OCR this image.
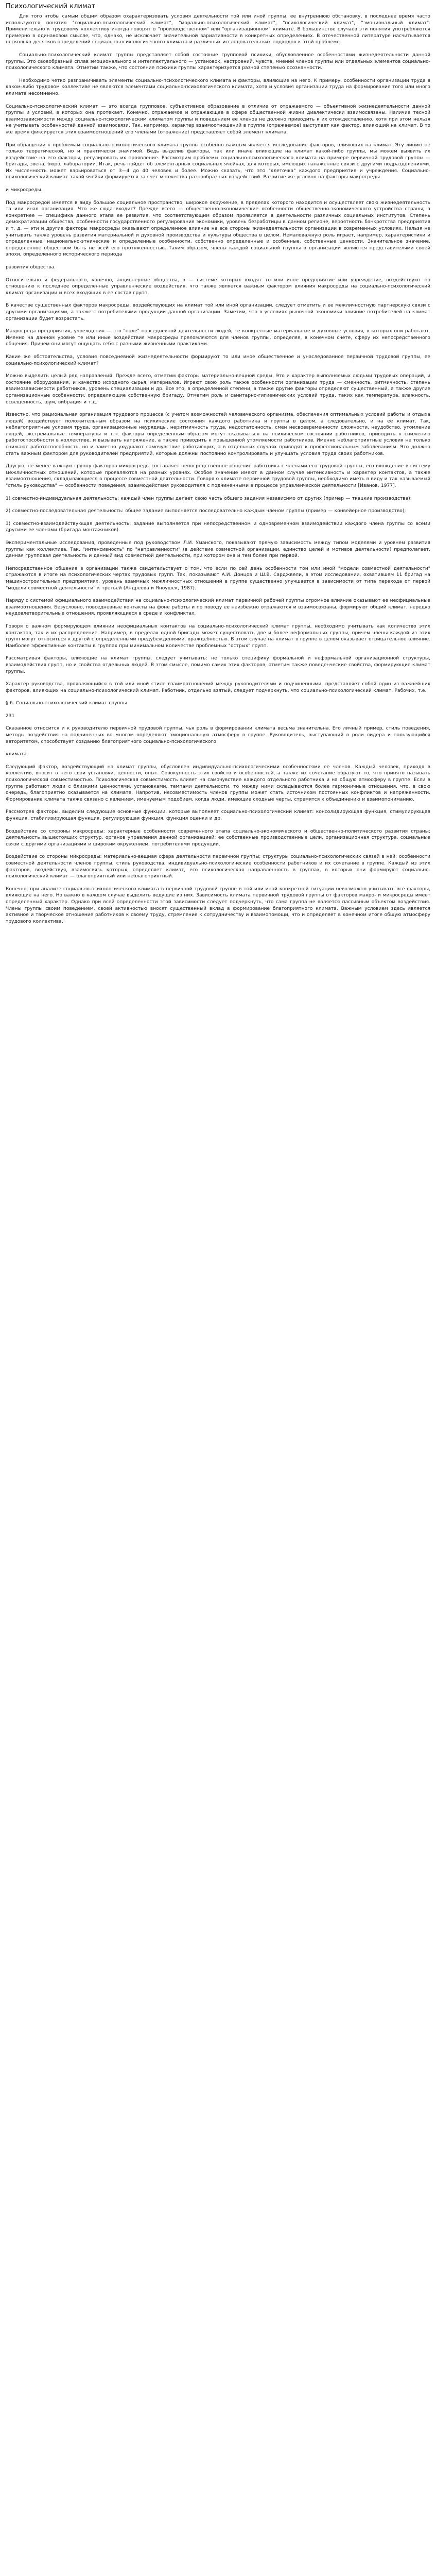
Психологический климат

Для того чтобы самым общим образом охарактеризовать условия деятельности той или иной группы, ее внутреннюю обстановку, в последнее время часто используются понятия "социально-психологический климат", "морально-психологический климат", "психологический климат", "эмоциональный климат". Применительно к трудовому коллективу иногда говорят о "производственном" или "организационном" климате. В большинстве случаев эти понятия употребляются примерно в одинаковом смысле, что, однако, не исключает значительной вариативности в конкретных определениях. В отечественной литературе насчитывается несколько десятков определений социально-психологического климата и различных исследовательских подходов к этой проблеме.

Социально-психологический климат группы представляет собой состояние групповой психики, обусловленное особенностями жизнедеятельности данной группы. Это своеобразный сплав эмоционального и интеллектуального — установок, настроений, чувств, мнений членов группы или отдельных элементов социально-психологического климата. Отметим также, что состояние психики группы характеризуется разной степенью осознанности.

Необходимо четко разграничивать элементы социально-психологического климата и факторы, влияющие на него. К примеру, особенности организации труда в каком-либо трудовом коллективе не являются элементами социально-психологического климата, хотя и условия организации труда на формирование того или иного климата несомненно.

Социально-психологический климат — это всегда групповое, субъективное образование в отличие от отражаемого — объективной жизнедеятельности данной группы и условий, в которых она протекает. Конечно, отражаемое и отражающее в сфере общественной жизни диалектически взаимосвязаны. Наличие тесной взаимозависимости между социально-психологическим климатом группы и поведением ее членов не должно приводить к их отождествлению, хотя при этом нельзя не учитывать особенностей данной взаимосвязи. Так, например, характер взаимоотношений в группе (отражаемое) выступает как фактор, влияющий на климат. В то же время фиксируется этих взаимоотношений его членами (отражение) представляет собой элемент климата.

При обращении к проблемам социально-психологического климата группы особенно важным является исследование факторов, влияющих на климат. Эту линию не только теоретической, но и практически значимой. Ведь выделив факторы, так или иначе влияющие на климат какой-либо группы, мы можем выявить их воздействие на его факторы, регулировать их проявление. Рассмотрим проблемы социально-психологического климата на примере первичной трудовой группы — бригады, звена, бюро, лаборатории. Итак, речь пойдет об элементарных социальных ячейках, для которых, имеющих налаженные связи с другими подразделениями. Их численность может варьироваться от 3—4 до 40 человек и более. Можно сказать, что это "клеточка" каждого предприятия и учреждения. Социально-психологический климат такой ячейки формируется за счет множества разнообразных воздействий. Развитие же условно на факторы макросреды

и микросреды.

Под макросредой имеется в виду большое социальное пространство, широкое окружение, в пределах которого находится и осуществляет свою жизнедеятельность та или иная организация. Что же сюда входит? Прежде всего — общественно-экономические особенности общественно-экономического устройства страны, а конкретнее — специфика данного этапа ее развития, что соответствующим образом проявляется в деятельности различных социальных институтов. Степень демократизации общества, особенности государственного регулирования экономики, уровень безработицы в данном регионе, вероятность банкротства предприятия и т. д. — эти и другие факторы макросреды оказывают определенное влияние на все стороны жизнедеятельности организации в современных условиях. Нельзя не учитывать также уровень развития материальной и духовной производства и культуры общества в целом. Немаловажную роль играет, например, характеристики и определенные, национально-этнические и определенные особенности, собственно определенные и особенные, собственные ценности. Значительное значение, определенное обществом быть не всей его протяженностью. Таким образом, члены каждой социальной группы в организации являются представителями своей эпохи, определенного исторического периода

развития общества.

Относительно и федерального, конечно, акционерные общества, в — системе которых входят то или иное предприятие или учреждение, воздействуют по отношению к последнее определенные управленческие воздействия, что также является важным фактором влияния макросреды на социально-психологический климат организации и всех входящих в ее состав групп.

В качестве существенных факторов макросреды, воздействующих на климат той или иной организации, следует отметить и ее межличностную партнерскую связи с другими организациями, а также с потребителями продукции данной организации. Заметим, что в условиях рыночной экономики влияние потребителей на климат организации будет возрастать.

Макросреда предприятия, учреждения — это "поле" повседневной деятельности людей, те конкретные материальные и духовные условия, в которых они работают. Именно на данном уровне те или иные воздействия макросреды преломляются для членов группы, определяя, в конечном счете, сферу их непосредственного общения. Причем они могут ощущать себя с разными жизненными практиками.

Какие же обстоятельства, условия повседневной жизнедеятельности формируют то или иное общественное и унаследованное первичной трудовой группы, ее социально-психологический климат?

Можно выделить целый ряд направлений. Прежде всего, отметим факторы материально-вещной среды. Это и характер выполняемых людьми трудовых операций, и состояние оборудования, и качество исходного сырья, материалов. Играют свою роль также особенности организации труда — сменность, ритмичность, степень взаимозависимости работников, уровень специализации и др. Все это, в определенной степени, а также другие факторы определяют существенный, а также другие организационные особенности, определяющие собственную бригаду. Отметим роль и санитарно-гигиенических условий труда, таких как температура, влажность, освещенность, шум, вибрация и т.д.

Известно, что рациональная организация трудового процесса (с учетом возможностей человеческого организма, обеспечения оптимальных условий работы и отдыха людей) воздействует положительным образом на психические состояния каждого работника и группы в целом, а следовательно, и на ее климат. Так, неблагоприятные условия труда, организационные неурядицы, неритмичность труда, недостаточность, смен несвоевременности сложности, неудобство, утомление людей, экстремальные температуры и т.п. факторы определенным образом могут сказываться на психическом состоянии работников, приводить к снижению работоспособности в коллективе, и вызывать напряжение, а также приводить к повышенной утомляемости работников. Именно неблагоприятные условия не только снижают работоспособность, но и заметно ухудшают самочувствие работающих, а в отдельных случаях приводят к профессиональным заболеваниям. Это должно стать важным фактором для руководителей предприятий, которые должны постоянно контролировать и улучшать условия труда своих работников.

Другую, не менее важную группу факторов микросреды составляет непосредственное общение работника с членами его трудовой группы, его вхождение в систему межличностных отношений, которые проявляются на разных уровнях. Особое значение имеют в данном случае интенсивность и характер контактов, а также взаимоотношения, складывающиеся в процессе совместной деятельности. Говоря о климате первичной трудовой группы, необходимо иметь в виду и так называемый "стиль руководства" — особенности поведения, взаимодействия руководителя с подчиненными в процессе управленческой деятельности [Иванов, 1977].

1) совместно-индивидуальная деятельность: каждый член группы делает свою часть общего задания независимо от других (пример — ткацкие производства);

2) совместно-последовательная деятельность: общее задание выполняется последовательно каждым членом группы (пример — конвейерное производство);

3) совместно-взаимодействующая деятельность: задание выполняется при непосредственном и одновременном взаимодействии каждого члена группы со всеми другими ее членами (бригада монтажников).

Экспериментальные исследования, проведенные под руководством Л.И. Уманского, показывают прямую зависимость между типом моделями и уровнем развития группы как коллектива. Так, "интенсивность" по "направленности" (в действие совместной организации, единство целей и мотивов деятельности) предполагает, данная групповая деятельность и данный вид совместной деятельности, при котором она и тем более при первой.

Непосредственное общение в организации также свидетельствует о том, что если по сей день особенности той или иной "модели совместной деятельности" отражаются в итоге на психологических чертах трудовых групп. Так, показывают А.И. Донцов и Ш.В. Сарджвели, в этом исследовании, охватившем 11 бригад на машиностроительных предприятиях, уровень взаимных межличностных отношений в группе существенно улучшается в зависимости от типа перехода от первой "модели совместной деятельности" к третьей (Андреева и Яноушек, 1987).

Наряду с системой официального взаимодействия на социально-психологический климат первичной рабочей группы огромное влияние оказывают ее неофициальные взаимоотношения. Безусловно, повседневные контакты на фоне работы и по поводу ее неизбежно отражаются и взаимосвязаны, формируют общий климат, нередко неудовлетворительные отношения, проявляющиеся в среде и конфликтах.

Говоря о важном формирующем влиянии неофициальных контактов на социально-психологический климат группы, необходимо учитывать как количество этих контактов, так и их распределение. Например, в пределах одной бригады может существовать две и более неформальных группы, причем члены каждой из этих групп могут относиться к другой с определенными предубеждениями, враждебностью. В этом случае на климат в группе в целом оказывает отрицательное влияние. Наиболее эффективные контакты в группах при минимальном количестве проблемных "острых" групп.

Рассматривая факторы, влияющие на климат группы, следует учитывать: не только специфику формальной и неформальной организационной структуры, взаимодействия групп, но и свойства отдельных людей. В этом смысле, помимо самих этих факторов, отметим также поведенческие свойства, формирующие климат группы.

Характер руководства, проявляющийся в той или иной стиле взаимоотношений между руководителями и подчиненными, представляет собой один из важнейших факторов, влияющих на социально-психологический климат. Работник, отдельно взятый, следует подчеркнуть, что социально-психологический климат. Рабочих, т.е.

§ 6. Социально-психологический климат группы

231

Сказанное относится и к руководителю первичной трудовой группы, чья роль в формировании климата весьма значительна. Его личный пример, стиль поведения, методы воздействия на подчиненных во многом определяют эмоциональную атмосферу в группе. Руководитель, выступающий в роли лидера и пользующийся авторитетом, способствует созданию благоприятного социально-психологического

климата.

Следующий фактор, воздействующий на климат группы, обусловлен индивидуально-психологическими особенностями ее членов. Каждый человек, приходя в коллектив, вносит в него свои установки, ценности, опыт. Совокупность этих свойств и особенностей, а также их сочетание образуют то, что принято называть психологической совместимостью. Психологическая совместимость влияет на самочувствие каждого отдельного работника и на общую атмосферу в группе. Если в группе работают люди с близкими ценностями, установками, темпами деятельности, то между ними складываются более гармоничные отношения, что, в свою очередь, благоприятно сказывается на климате. Напротив, несовместимость членов группы может стать источником постоянных конфликтов и напряженности. Формирование климата также связано с явлением, именуемым подобием, когда люди, имеющие сходные черты, стремятся к объединению и взаимопониманию.

Рассмотрев факторы, выделим следующие основные функции, которые выполняет социально-психологический климат: консолидирующая функция, стимулирующая функция, стабилизирующая функция, регулирующая функция, функция оценки и др.

Воздействие со стороны макросреды: характерные особенности современного этапа социально-экономического и общественно-политического развития страны; деятельность вышестоящих структур, органов управления данной организацией; ее собственные производственные цели, организационная структура, социальные связи с другими организациями и широким окружением, потребителями продукции.

Воздействие со стороны микросреды: материально-вещная сфера деятельности первичной группы; структуры социально-психологических связей в ней; особенности совместной деятельности членов группы; стиль руководства; индивидуально-психологические особенности работников и их сочетание в группе. Каждый из этих факторов, воздействуя, взаимосвязь которых, определяет климат, его психологическая направленность в группах, в которых они формируют социально-психологический климат — благоприятный или неблагоприятный.

Конечно, при анализе социально-психологического климата в первичной трудовой группе в той или иной конкретной ситуации невозможно учитывать все факторы, влияющие на него. Но важно в каждом случае выделить ведущие из них. Зависимость климата первичной трудовой группы от факторов макро- и микросреды имеет определенный характер. Однако при всей определенности этой зависимости следует подчеркнуть, что сама группа не является пассивным объектом воздействия. Члены группы своим поведением, своей активностью вносят существенный вклад в формирование благоприятного климата. Важным условием здесь является активное и творческое отношение работников к своему труду, стремление к сотрудничеству и взаимопомощи, что и определяет в конечном итоге общую атмосферу трудового коллектива.
